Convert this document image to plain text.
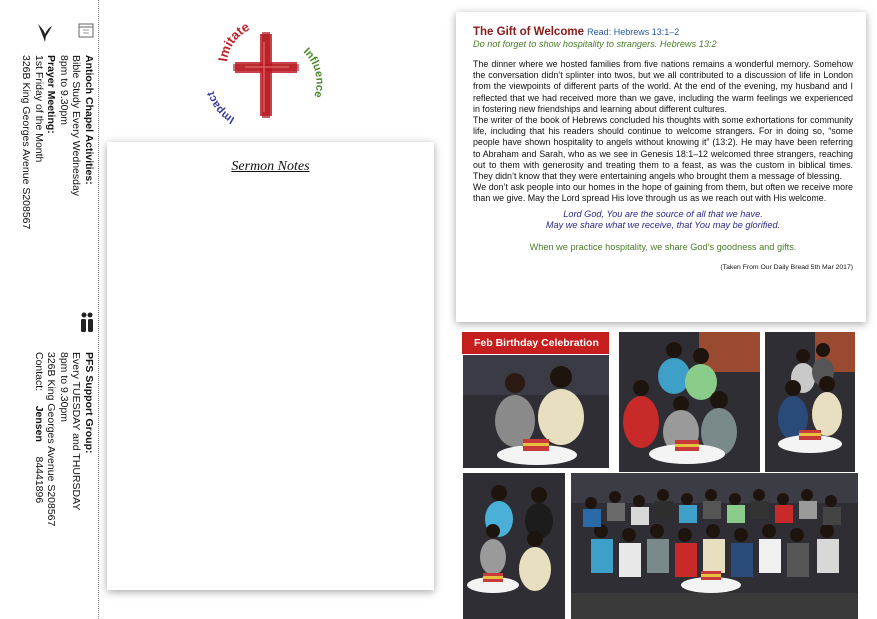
Antioch Chapel Activities:
Bible Study Every Wednesday
8pm to 9.30pm
Prayer Meeting:
1st Friday of the Month
326B King Georges Avenue S208567
PFS Support Group:
Every TUESDAY and THURSDAY
8pm to 9.30pm
326B King Georges Avenue S208567
Contact:     Jensen     84441896
Imitate
Influence
Impact
Sermon Notes
The Gift of Welcome Read: Hebrews 13:1–2
Do not forget to show hospitality to strangers. Hebrews 13:2

The dinner where we hosted families from five nations remains a wonderful memory. Somehow the conversation didn’t splinter into twos, but we all contributed to a discussion of life in London from the viewpoints of different parts of the world. At the end of the evening, my husband and I reflected that we had received more than we gave, including the warm feelings we experienced in fostering new friendships and learning about different cultures.

The writer of the book of Hebrews concluded his thoughts with some exhortations for community life, including that his readers should continue to welcome strangers. For in doing so, “some people have shown hospitality to angels without knowing it” (13:2). He may have been referring to Abraham and Sarah, who as we see in Genesis 18:1–12 welcomed three strangers, reaching out to them with generosity and treating them to a feast, as was the custom in biblical times. They didn’t know that they were entertaining angels who brought them a message of blessing.

We don’t ask people into our homes in the hope of gaining from them, but often we receive more than we give. May the Lord spread His love through us as we reach out with His welcome.

Lord God, You are the source of all that we have.
May we share what we receive, that You may be glorified.
When we practice hospitality, we share God’s goodness and gifts.
(Taken From Our Daily Bread 5th Mar 2017)
Feb Birthday Celebration
